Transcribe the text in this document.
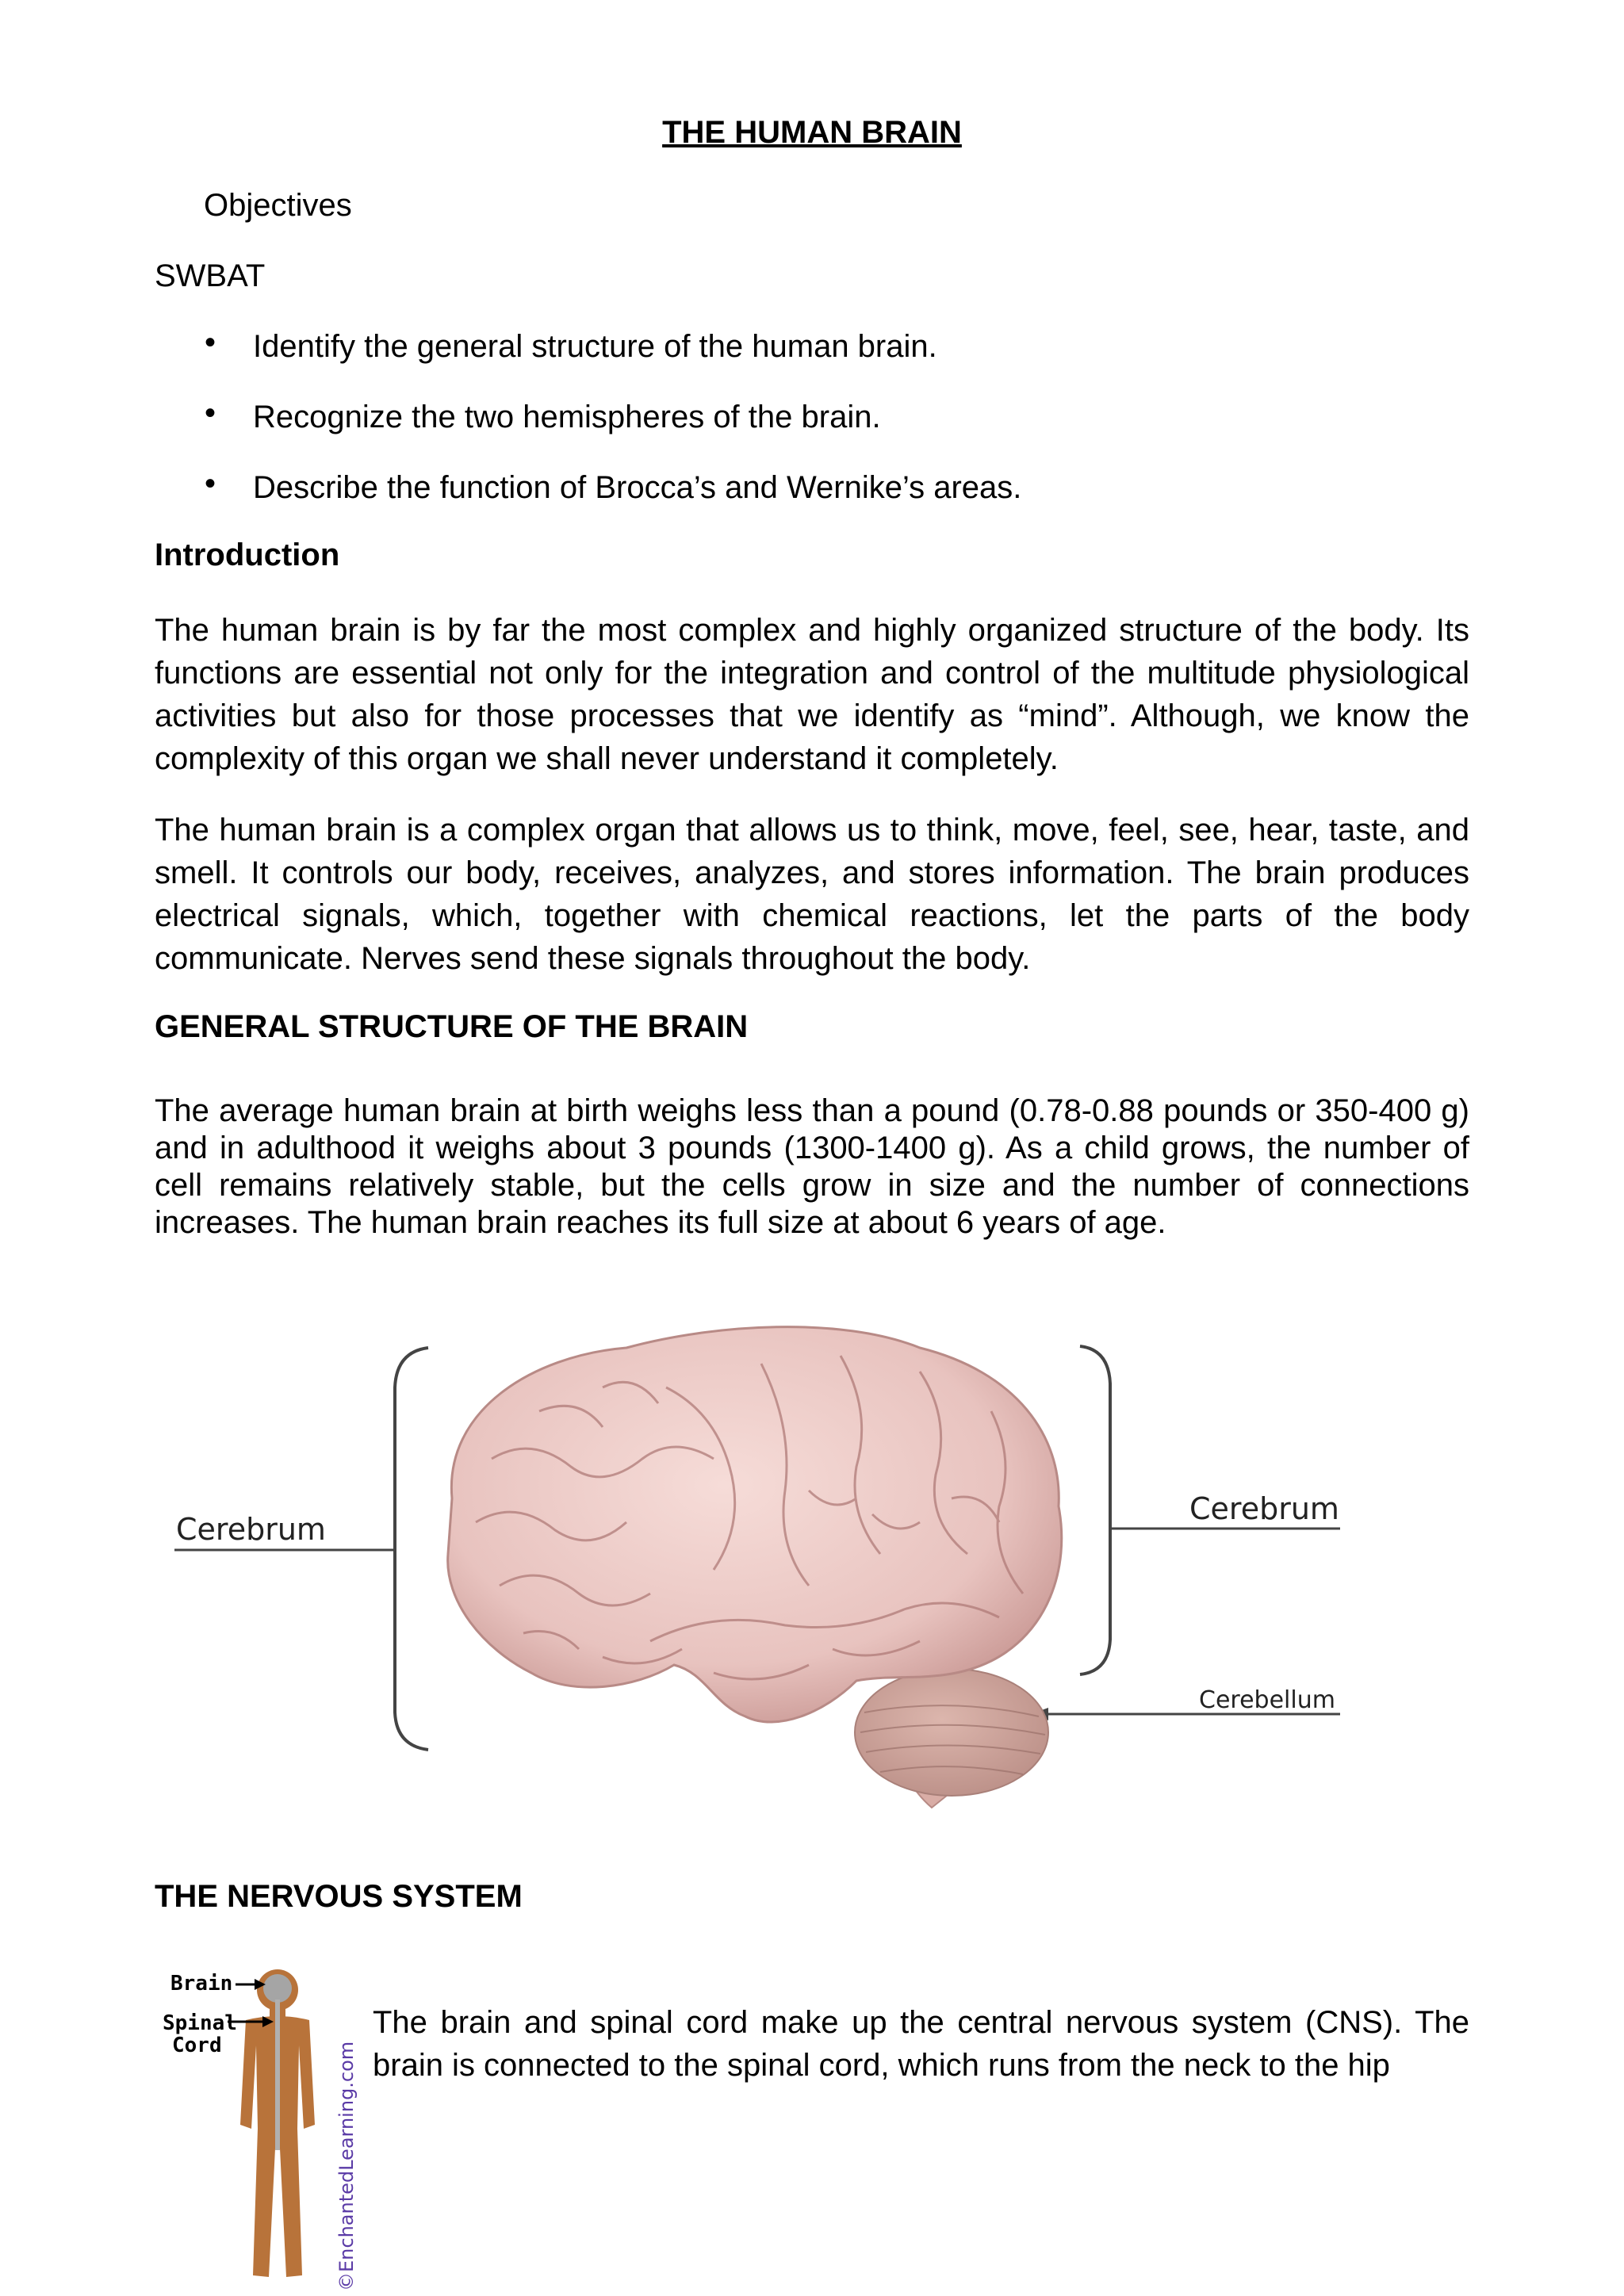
THE HUMAN BRAIN
Objectives
SWBAT
• Identify the general structure of the human brain.
• Recognize the two hemispheres of the brain.
• Describe the function of Brocca’s and Wernike’s areas.
Introduction
The human brain is by far the most complex and highly organized structure of the body. Its functions are essential not only for the integration and control of the multitude physiological activities but also for those processes that we identify as “mind”. Although, we know the complexity of this organ we shall never understand it completely.
The human brain is a complex organ that allows us to think, move, feel, see, hear, taste, and smell. It controls our body, receives, analyzes, and stores information. The brain produces electrical signals, which, together with chemical reactions, let the parts of the body communicate. Nerves send these signals throughout the body.
GENERAL STRUCTURE OF THE BRAIN
The average human brain at birth weighs less than a pound (0.78-0.88 pounds or 350-400 g) and in adulthood it weighs about 3 pounds (1300-1400 g). As a child grows, the number of cell remains relatively stable, but the cells grow in size and the number of connections increases. The human brain reaches its full size at about 6 years of age.
Cerebrum
Cerebrum
Cerebellum
THE NERVOUS SYSTEM
Brain
Spinal
Cord	©EnchantedLearning.com
The brain and spinal cord make up the central nervous system (CNS). The brain is connected to the spinal cord, which runs from the neck to the hip
